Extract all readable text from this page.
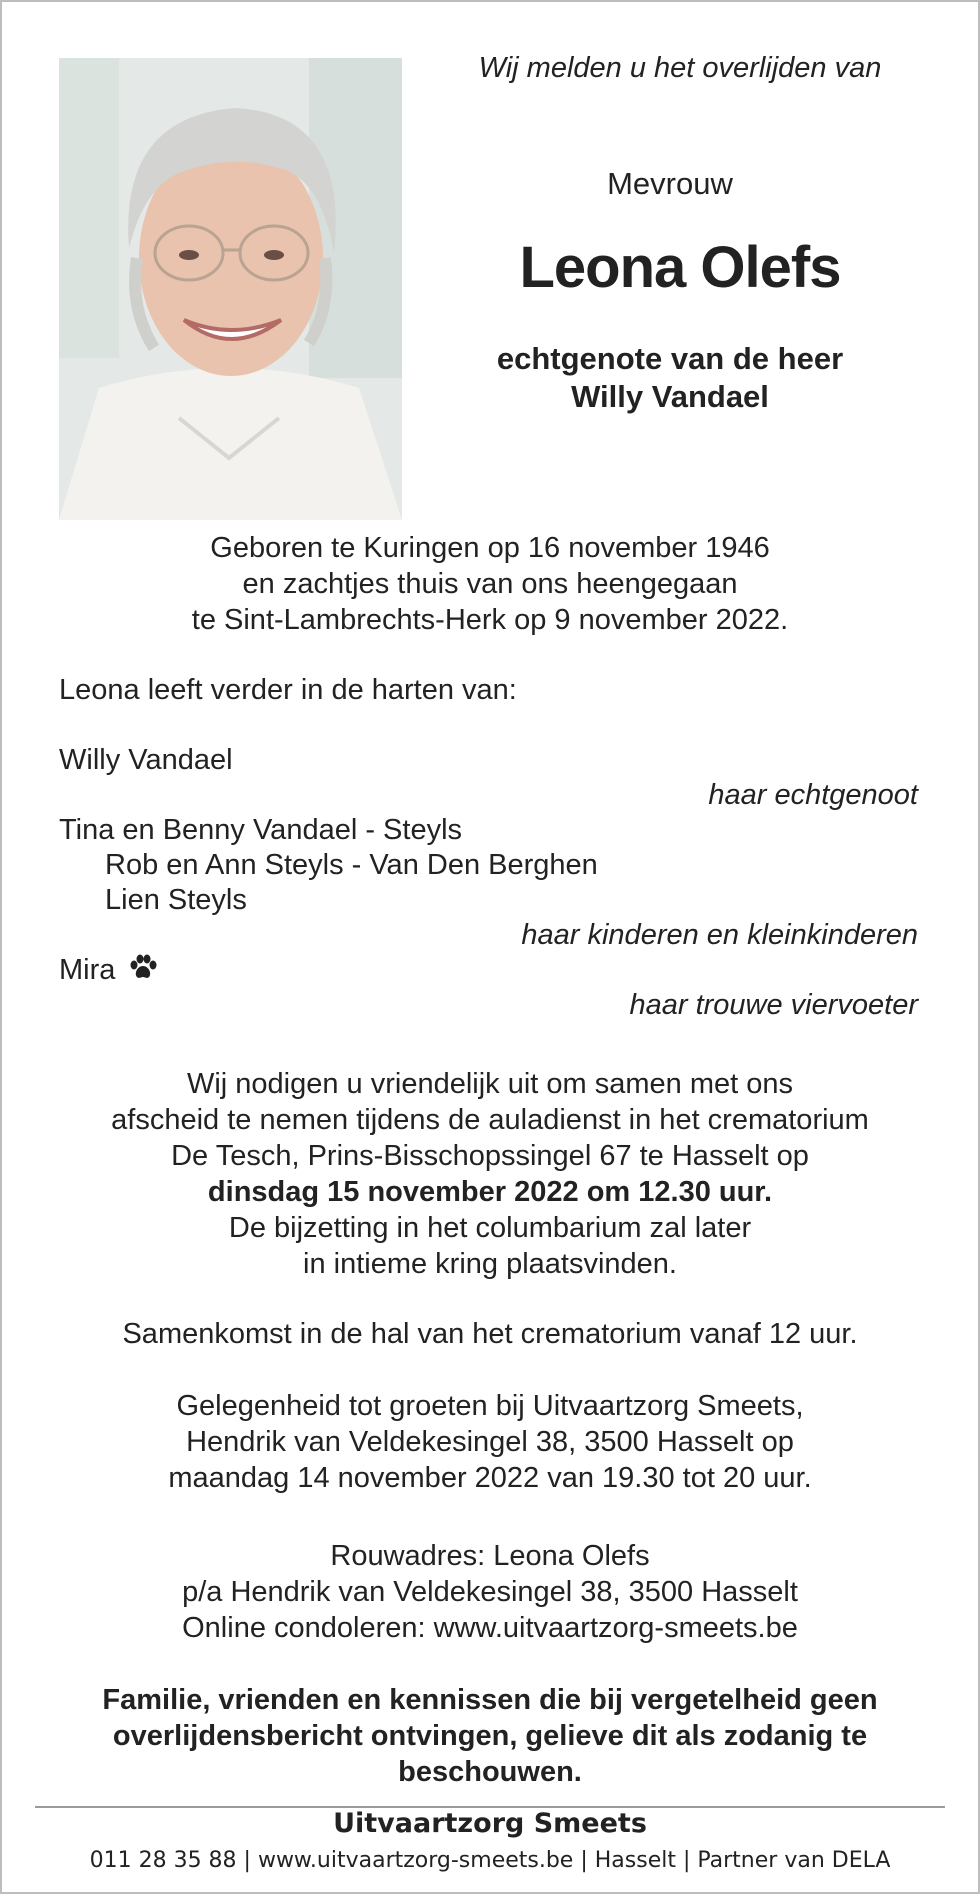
Wij melden u het overlijden van
Mevrouw
Leona Olefs
echtgenote van de heer
Willy Vandael
Geboren te Kuringen op 16 november 1946
en zachtjes thuis van ons heengegaan
te Sint-Lambrechts-Herk op 9 november 2022.
Leona leeft verder in de harten van:
Willy Vandael
haar echtgenoot
Tina en Benny Vandael - Steyls
Rob en Ann Steyls - Van Den Berghen
Lien Steyls
haar kinderen en kleinkinderen
Mira
haar trouwe viervoeter
Wij nodigen u vriendelijk uit om samen met ons
afscheid te nemen tijdens de auladienst in het crematorium
De Tesch, Prins-Bisschopssingel 67 te Hasselt op
dinsdag 15 november 2022 om 12.30 uur.
De bijzetting in het columbarium zal later
in intieme kring plaatsvinden.
Samenkomst in de hal van het crematorium vanaf 12 uur.
Gelegenheid tot groeten bij Uitvaartzorg Smeets,
Hendrik van Veldekesingel 38, 3500 Hasselt op
maandag 14 november 2022 van 19.30 tot 20 uur.
Rouwadres: Leona Olefs
p/a Hendrik van Veldekesingel 38, 3500 Hasselt
Online condoleren: www.uitvaartzorg-smeets.be
Familie, vrienden en kennissen die bij vergetelheid geen
overlijdensbericht ontvingen, gelieve dit als zodanig te
beschouwen.
Uitvaartzorg Smeets
011 28 35 88 | www.uitvaartzorg-smeets.be | Hasselt | Partner van DELA
